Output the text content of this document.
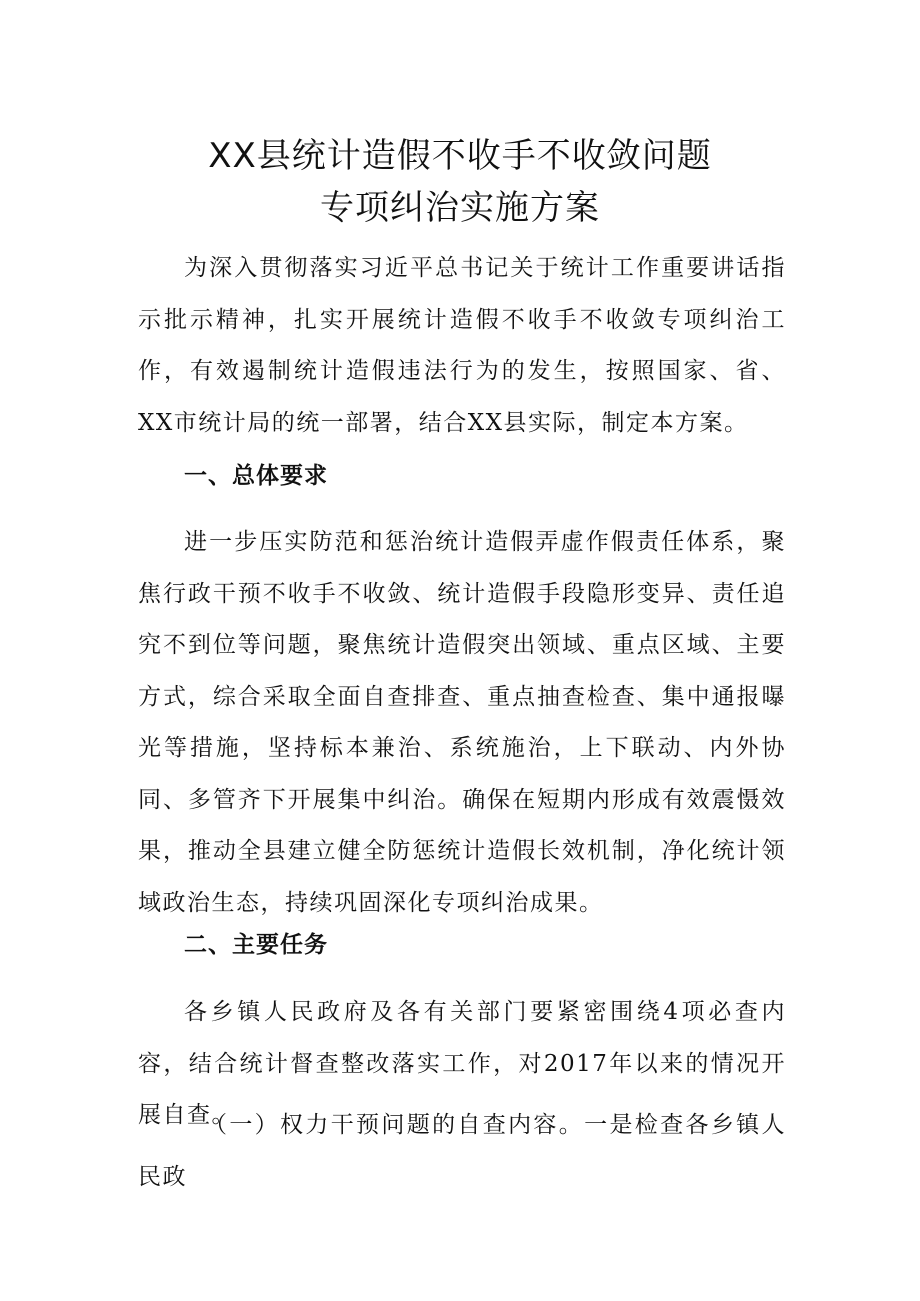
XX县统计造假不收手不收敛问题
专项纠治实施方案

为深入贯彻落实习近平总书记关于统计工作重要讲话指示批示精神，扎实开展统计造假不收手不收敛专项纠治工作，有效遏制统计造假违法行为的发生，按照国家、省、XX市统计局的统一部署，结合XX县实际，制定本方案。

一、总体要求

进一步压实防范和惩治统计造假弄虚作假责任体系，聚焦行政干预不收手不收敛、统计造假手段隐形变异、责任追究不到位等问题，聚焦统计造假突出领域、重点区域、主要方式，综合采取全面自查排查、重点抽查检查、集中通报曝光等措施，坚持标本兼治、系统施治，上下联动、内外协同、多管齐下开展集中纠治。确保在短期内形成有效震慑效果，推动全县建立健全防惩统计造假长效机制，净化统计领域政治生态，持续巩固深化专项纠治成果。

二、主要任务

各乡镇人民政府及各有关部门要紧密围绕4项必查内容，结合统计督查整改落实工作，对2017年以来的情况开展自查。

（一）权力干预问题的自查内容。一是检查各乡镇人民政
